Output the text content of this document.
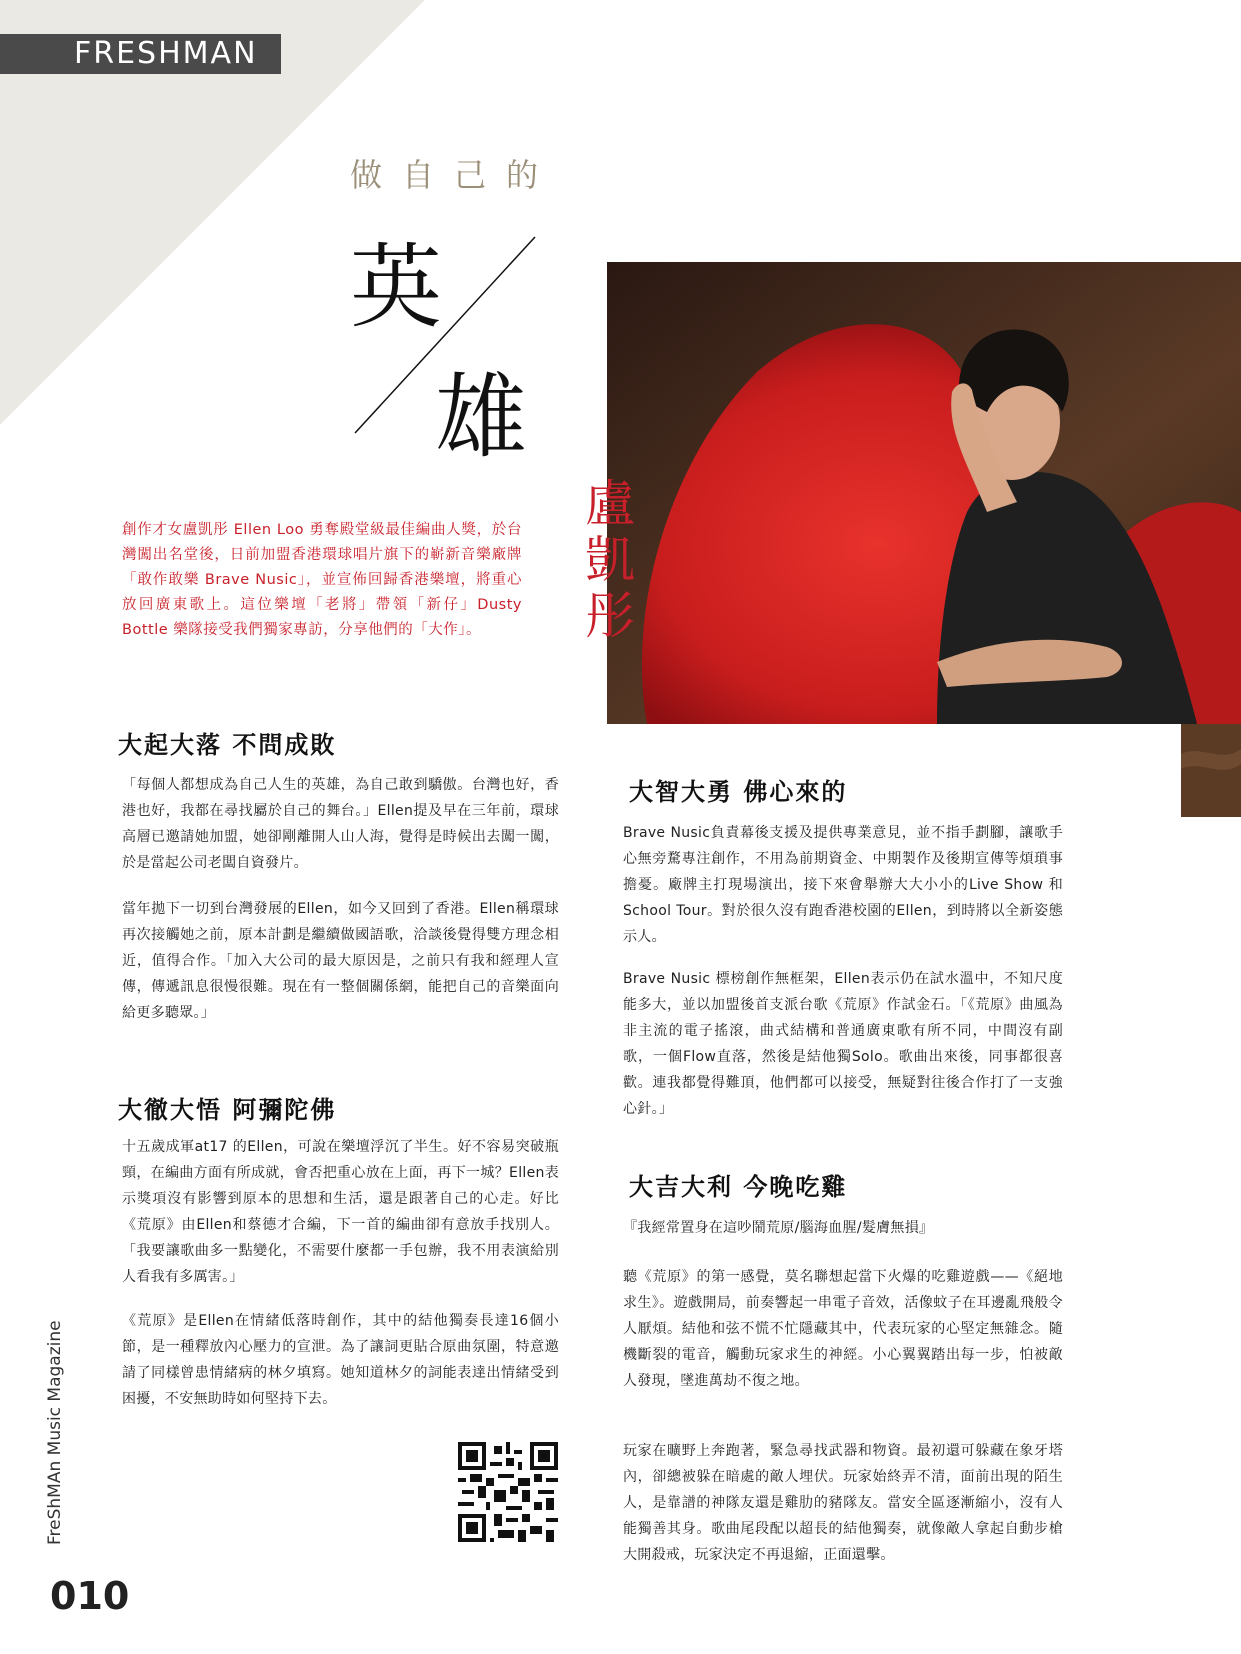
FRESHMAN
做自己的
英
雄
盧
凱
彤

創作才女盧凱彤 Ellen Loo 勇奪殿堂級最佳編曲人獎，於台灣闖出名堂後，日前加盟香港環球唱片旗下的嶄新音樂廠牌「敢作敢樂 Brave Nusic」，並宣佈回歸香港樂壇，將重心放回廣東歌上。這位樂壇「老將」帶領「新仔」Dusty Bottle 樂隊接受我們獨家專訪，分享他們的「大作」。

大起大落 不問成敗

「每個人都想成為自己人生的英雄，為自己敢到驕傲。台灣也好，香港也好，我都在尋找屬於自己的舞台。」Ellen提及早在三年前，環球高層已邀請她加盟，她卻剛離開人山人海，覺得是時候出去闖一闖，於是當起公司老闆自資發片。

當年拋下一切到台灣發展的Ellen，如今又回到了香港。Ellen稱環球再次接觸她之前，原本計劃是繼續做國語歌，洽談後覺得雙方理念相近，值得合作。「加入大公司的最大原因是，之前只有我和經理人宣傳，傳遞訊息很慢很難。現在有一整個關係網，能把自己的音樂面向給更多聽眾。」

大徹大悟 阿彌陀佛

十五歲成軍at17 的Ellen，可說在樂壇浮沉了半生。好不容易突破瓶頸，在編曲方面有所成就，會否把重心放在上面，再下一城？Ellen表示獎項沒有影響到原本的思想和生活，還是跟著自己的心走。好比《荒原》由Ellen和蔡德才合編，下一首的編曲卻有意放手找別人。「我要讓歌曲多一點變化，不需要什麼都一手包辦，我不用表演給別人看我有多厲害。」

《荒原》是Ellen在情緒低落時創作，其中的結他獨奏長達16個小節，是一種釋放內心壓力的宣泄。為了讓詞更貼合原曲氛圍，特意邀請了同樣曾患情緒病的林夕填寫。她知道林夕的詞能表達出情緒受到困擾，不安無助時如何堅持下去。

大智大勇 佛心來的

Brave Nusic負責幕後支援及提供專業意見，並不指手劃腳，讓歌手心無旁騖專注創作，不用為前期資金、中期製作及後期宣傳等煩瑣事擔憂。廠牌主打現場演出，接下來會舉辦大大小小的Live Show 和School Tour。對於很久沒有跑香港校園的Ellen，到時將以全新姿態示人。

Brave Nusic 標榜創作無框架，Ellen表示仍在試水溫中，不知尺度能多大，並以加盟後首支派台歌《荒原》作試金石。「《荒原》曲風為非主流的電子搖滾，曲式結構和普通廣東歌有所不同，中間沒有副歌，一個Flow直落，然後是結他獨Solo。歌曲出來後，同事都很喜歡。連我都覺得難頂，他們都可以接受，無疑對往後合作打了一支強心針。」

大吉大利 今晚吃雞

『我經常置身在這吵鬧荒原/腦海血腥/髮膚無損』

聽《荒原》的第一感覺，莫名聯想起當下火爆的吃雞遊戲——《絕地求生》。遊戲開局，前奏響起一串電子音效，活像蚊子在耳邊亂飛般令人厭煩。結他和弦不慌不忙隱藏其中，代表玩家的心堅定無雜念。隨機斷裂的電音，觸動玩家求生的神經。小心翼翼踏出每一步，怕被敵人發現，墜進萬劫不復之地。

玩家在曠野上奔跑著，緊急尋找武器和物資。最初還可躲藏在象牙塔內，卻總被躲在暗處的敵人埋伏。玩家始終弄不清，面前出現的陌生人，是靠譜的神隊友還是雞肋的豬隊友。當安全區逐漸縮小，沒有人能獨善其身。歌曲尾段配以超長的結他獨奏，就像敵人拿起自動步槍大開殺戒，玩家決定不再退縮，正面還擊。

FreShMAn Music Magazine
010
